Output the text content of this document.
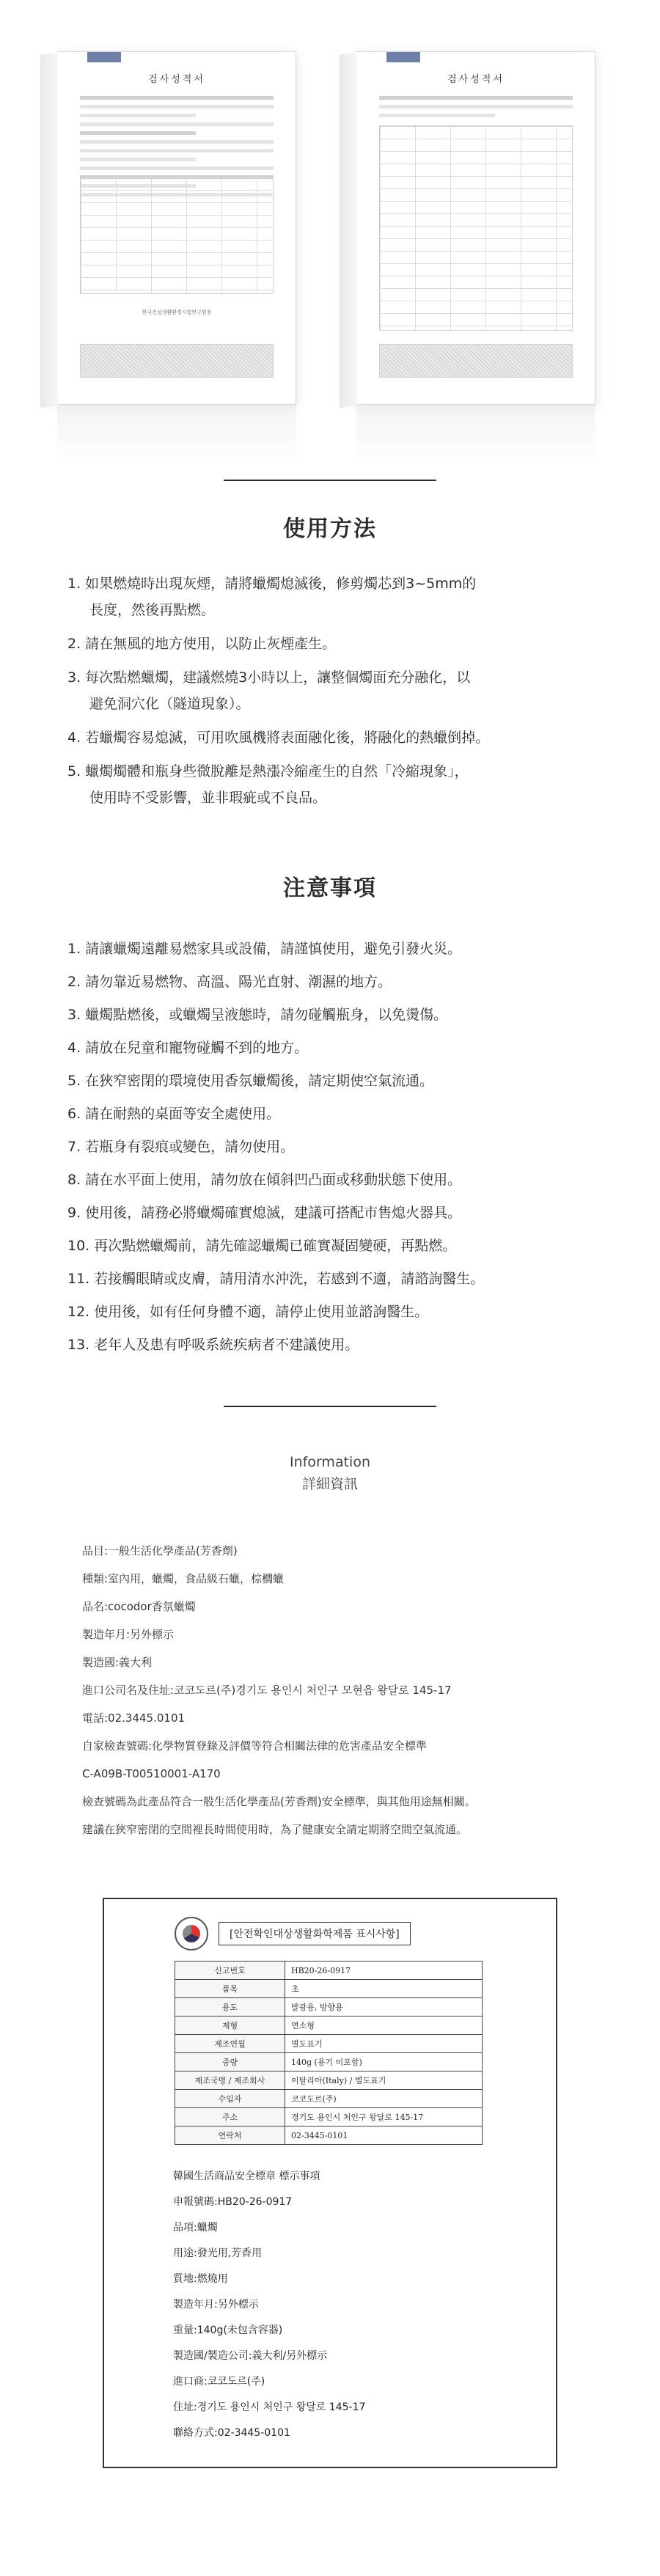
검사성적서
한국건설생활환경시험연구원장
검사성적서
使用方法
1. 如果燃燒時出現灰煙，請將蠟燭熄滅後，修剪燭芯到3~5mm的
長度，然後再點燃。
2. 請在無風的地方使用，以防止灰煙產生。
3. 每次點燃蠟燭，建議燃燒3小時以上，讓整個燭面充分融化，以
避免洞穴化（隧道現象）。
4. 若蠟燭容易熄滅，可用吹風機將表面融化後，將融化的熱蠟倒掉。
5. 蠟燭燭體和瓶身些微脫離是熱漲冷縮產生的自然「冷縮現象」，
使用時不受影響，並非瑕疵或不良品。
注意事項
1. 請讓蠟燭遠離易燃家具或設備，請謹慎使用，避免引發火災。
2. 請勿靠近易燃物、高溫、陽光直射、潮濕的地方。
3. 蠟燭點燃後，或蠟燭呈液態時，請勿碰觸瓶身，以免燙傷。
4. 請放在兒童和寵物碰觸不到的地方。
5. 在狹窄密閉的環境使用香氛蠟燭後，請定期使空氣流通。
6. 請在耐熱的桌面等安全處使用。
7. 若瓶身有裂痕或變色，請勿使用。
8. 請在水平面上使用，請勿放在傾斜凹凸面或移動狀態下使用。
9. 使用後，請務必將蠟燭確實熄滅，建議可搭配市售熄火器具。
10. 再次點燃蠟燭前，請先確認蠟燭已確實凝固變硬，再點燃。
11. 若接觸眼睛或皮膚，請用清水沖洗，若感到不適，請諮詢醫生。
12. 使用後，如有任何身體不適，請停止使用並諮詢醫生。
13. 老年人及患有呼吸系統疾病者不建議使用。
Information
詳細資訊

品目:一般生活化學產品(芳香劑)

種類:室內用，蠟燭，食品級石蠟，棕櫚蠟

品名:cocodor香氛蠟燭

製造年月:另外標示

製造國:義大利

進口公司名及住址:코코도르(주)경기도 용인시 처인구 모현읍 왕달로 145-17

電話:02.3445.0101

自家檢查號碼:化學物質登錄及評價等符合相關法律的危害產品安全標準

C-A09B-T00510001-A170

檢查號碼為此產品符合一般生活化學產品(芳香劑)安全標準，與其他用途無相關。

建議在狹窄密閉的空間裡長時間使用時，為了健康安全請定期將空間空氣流通。

[안전확인대상생활화학제품 표시사항]
신고번호	HB20-26-0917
품목	초
용도	발광용, 방향용
제형	연소형
제조연월	별도표기
중량	140g (용기 미포함)
제조국명 / 제조회사	이탈리아(Italy) / 별도표기
수입자	코코도르(주)
주소	경기도 용인시 처인구 왕달로 145-17
연락처	02-3445-0101

韓國生活商品安全標章 標示事項

申報號碼:HB20-26-0917

品項:蠟燭

用途:發光用,芳香用

質地:燃燒用

製造年月:另外標示

重量:140g(未包含容器)

製造國/製造公司:義大利/另外標示

進口商:코코도르(주)

住址:경기도 용인시 처인구 왕달로 145-17

聯絡方式:02-3445-0101
